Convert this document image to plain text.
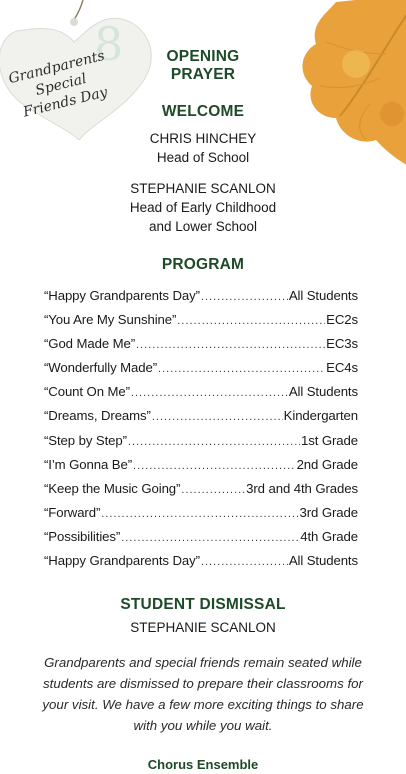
8
Grandparents Special Friends Day
OPENING
PRAYER
WELCOME
CHRIS HINCHEY
Head of School
STEPHANIE SCANLON
Head of Early Childhood
and Lower School
PROGRAM
“Happy Grandparents Day” .....	All Students
“You Are My Sunshine” .....	EC2s
“God Made Me” .....	EC3s
“Wonderfully Made” .....	EC4s
“Count On Me” .....	All Students
“Dreams, Dreams” .....	Kindergarten
“Step by Step” .....	1st Grade
“I’m Gonna Be” .....	2nd Grade
“Keep the Music Going” .....	3rd and 4th Grades
“Forward” .....	3rd Grade
“Possibilities” .....	4th Grade
“Happy Grandparents Day” .....	All Students
STUDENT DISMISSAL
STEPHANIE SCANLON
Grandparents and special friends remain seated while students are dismissed to prepare their classrooms for your visit. We have a few more exciting things to share with you while you wait.
Chorus Ensemble
